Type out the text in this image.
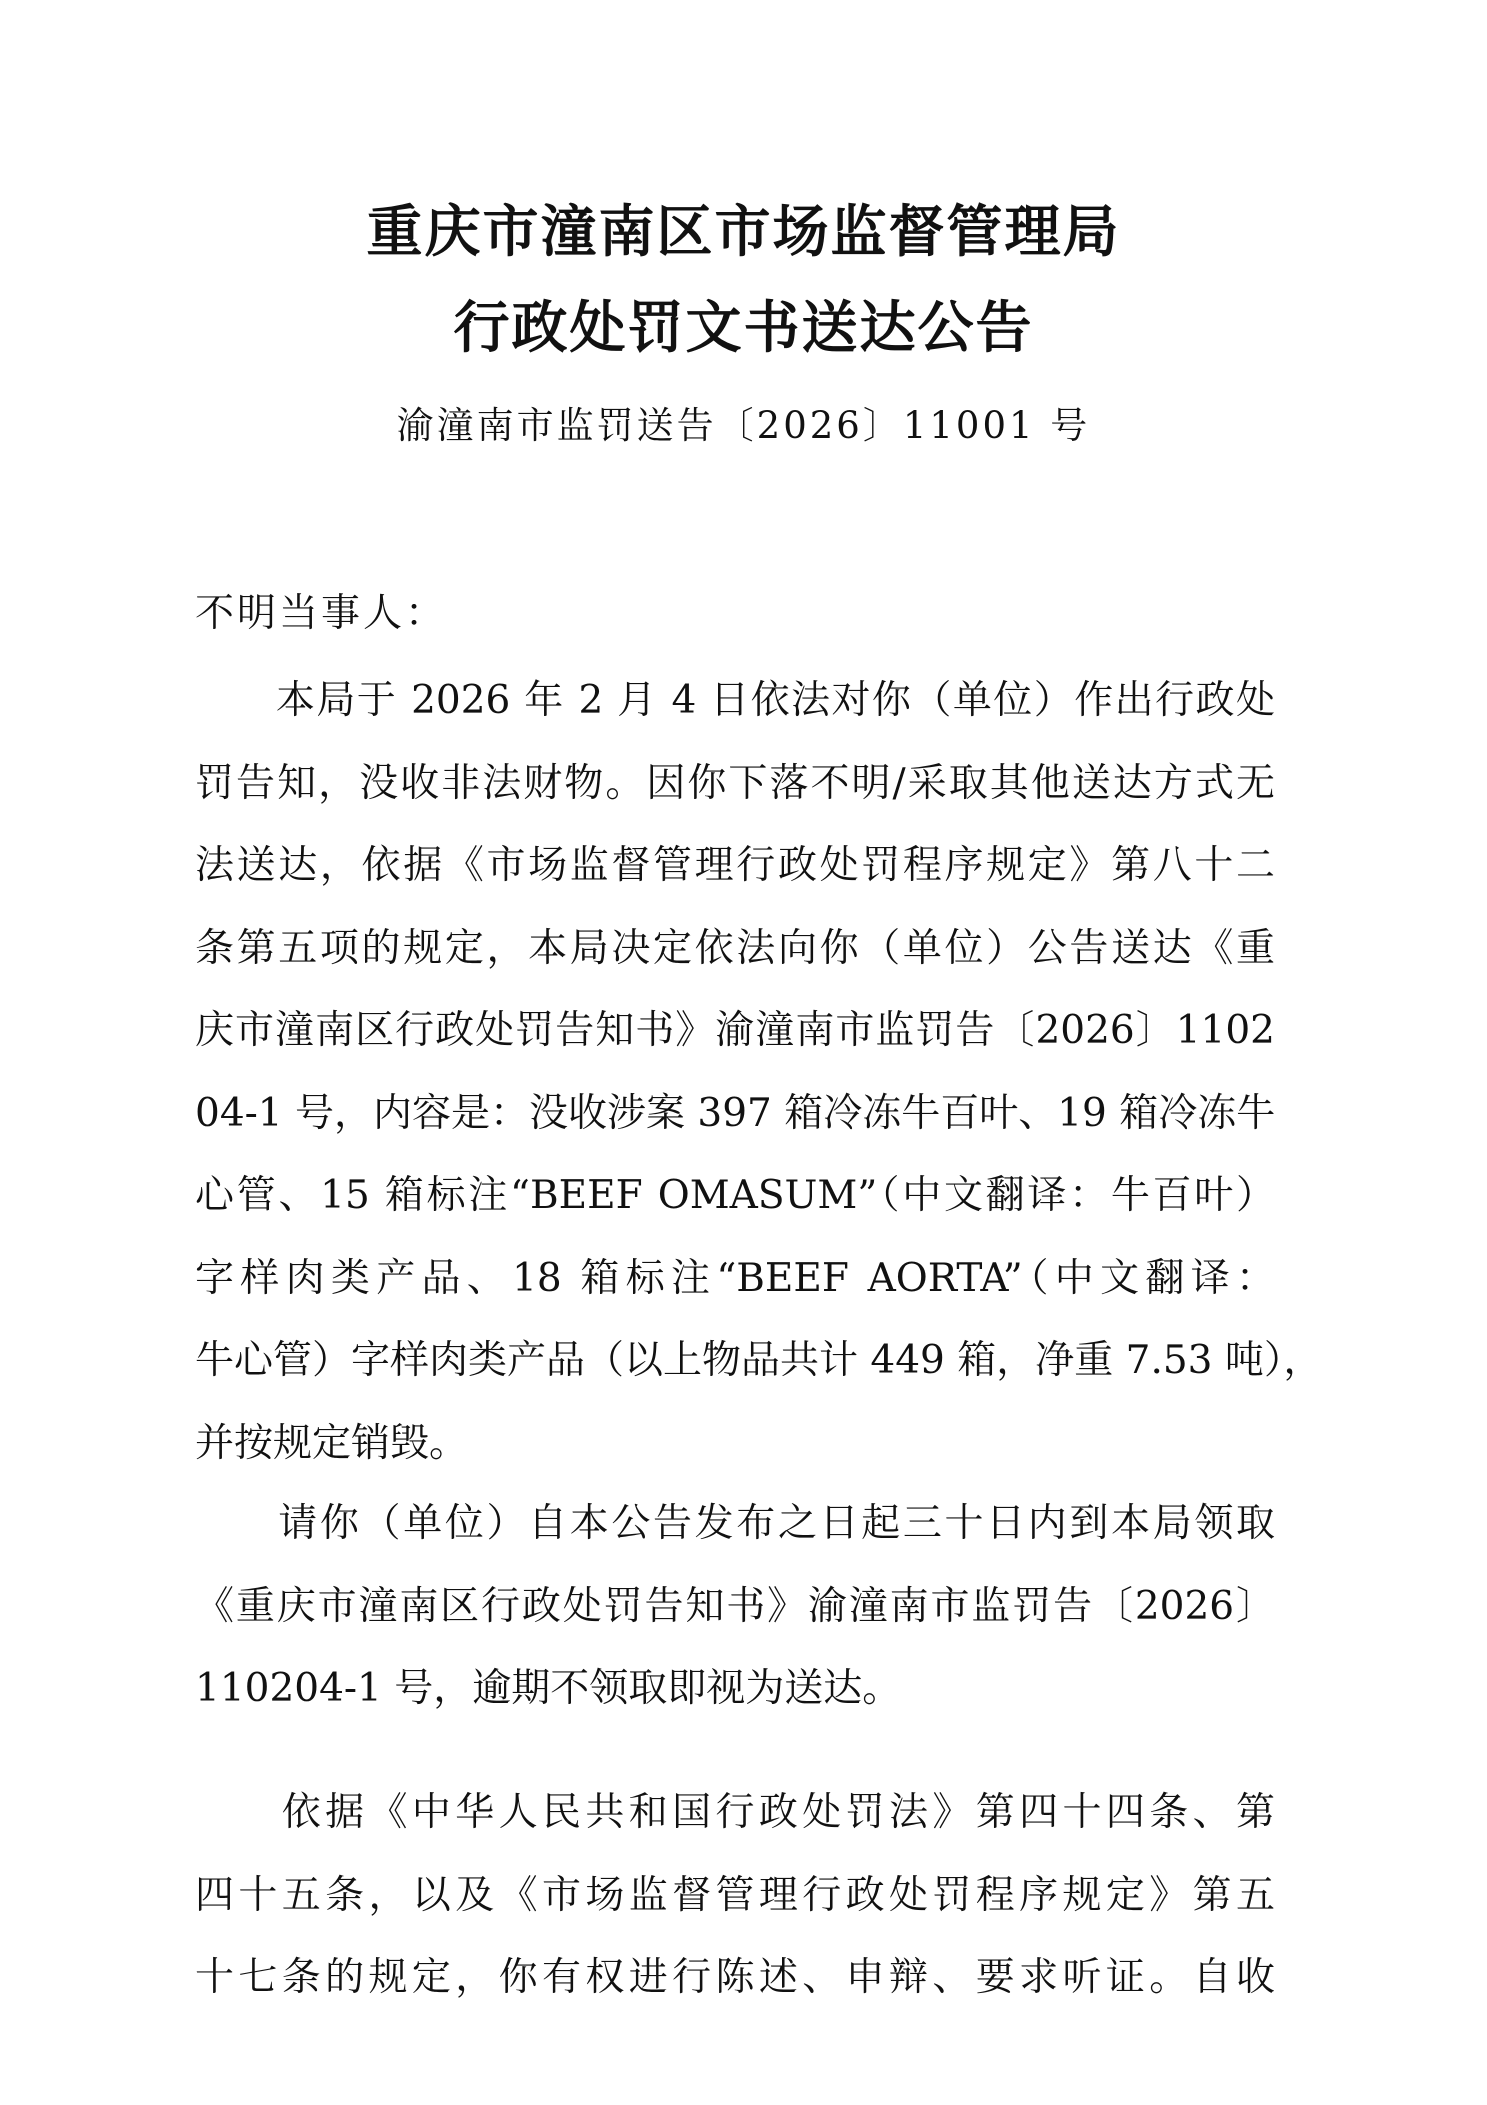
重庆市潼南区市场监督管理局
行政处罚文书送达公告
渝潼南市监罚送告〔2026〕11001 号
不明当事人：
　　本局于 2026 年 2 月 4 日依法对你（单位）作出行政处
罚告知，没收非法财物。因你下落不明/采取其他送达方式无
法送达，依据《市场监督管理行政处罚程序规定》第八十二
条第五项的规定，本局决定依法向你（单位）公告送达《重
庆市潼南区行政处罚告知书》渝潼南市监罚告〔2026〕1102
04-1 号，内容是：没收涉案 397 箱冷冻牛百叶、19 箱冷冻牛
心管、15 箱标注“BEEF OMASUM”（中文翻译：牛百叶）
字样肉类产品、18 箱标注“BEEF AORTA”（中文翻译：
牛心管）字样肉类产品（以上物品共计 449 箱，净重 7.53 吨），
并按规定销毁。
　　请你（单位）自本公告发布之日起三十日内到本局领取
《重庆市潼南区行政处罚告知书》渝潼南市监罚告〔2026〕
110204-1 号，逾期不领取即视为送达。
　　依据《中华人民共和国行政处罚法》第四十四条、第
四十五条，以及《市场监督管理行政处罚程序规定》第五
十七条的规定，你有权进行陈述、申辩、要求听证。自收
